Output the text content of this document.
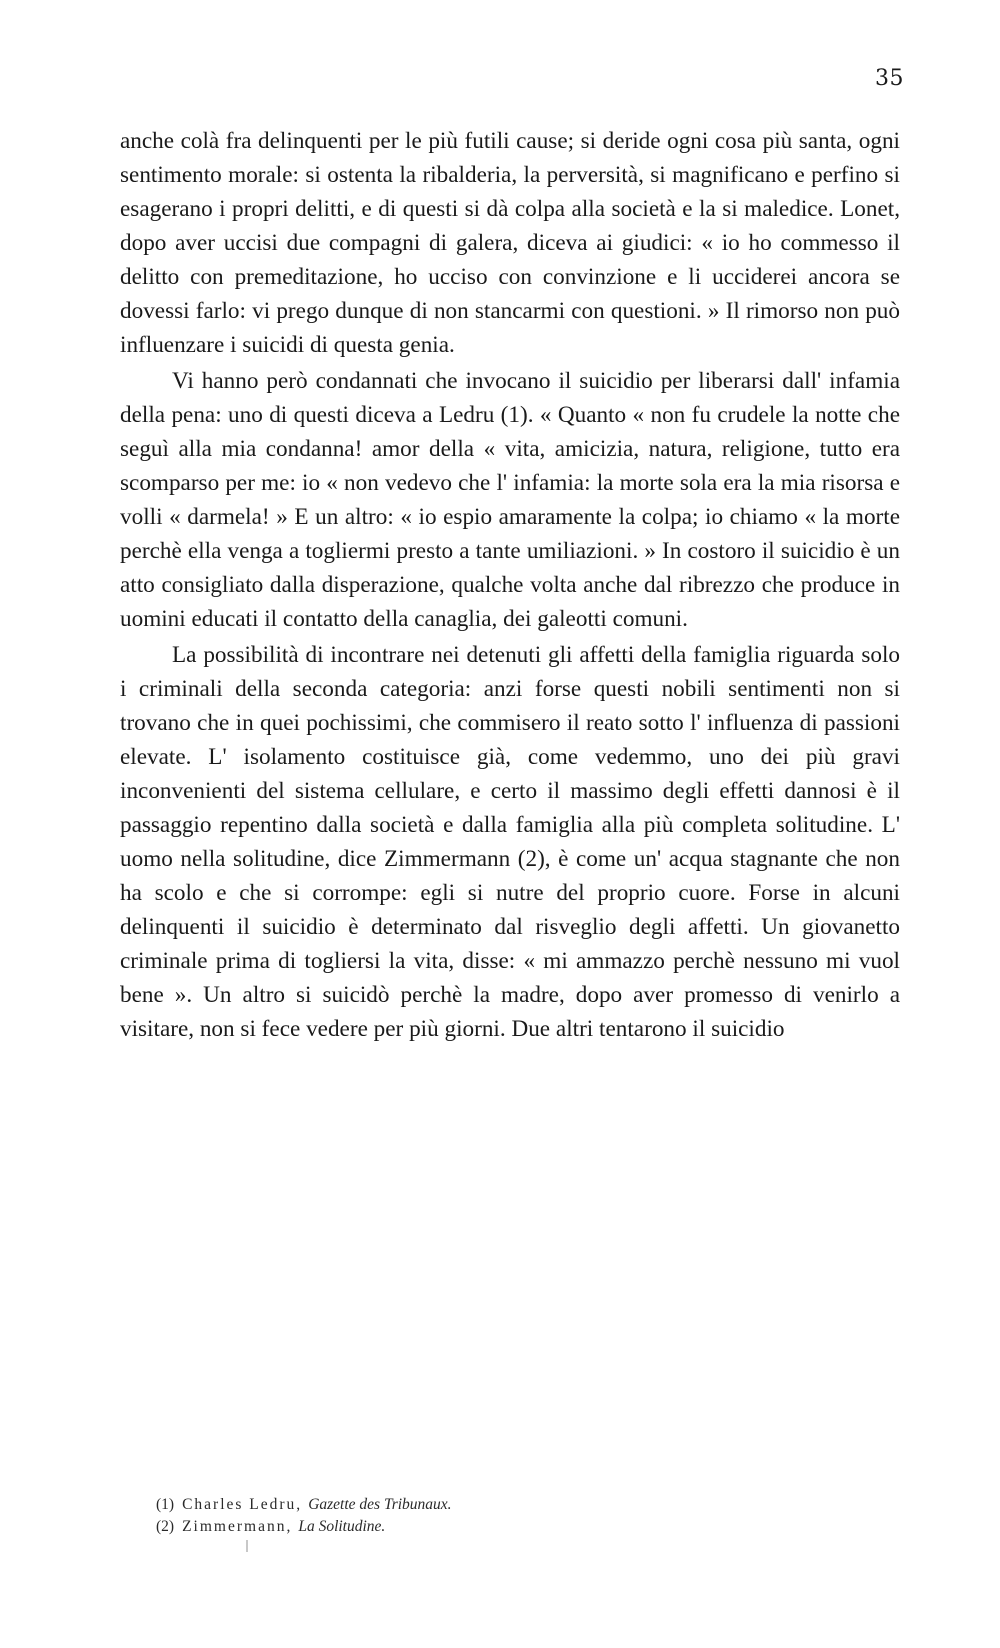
35

anche colà fra delinquenti per le più futili cause; si deride ogni cosa più santa, ogni sentimento morale: si ostenta la ribalderia, la perversità, si magnificano e perfino si esagerano i propri delitti, e di questi si dà colpa alla società e la si maledice. Lonet, dopo aver uccisi due compagni di galera, diceva ai giudici: « io ho commesso il delitto con premeditazione, ho ucciso con convinzione e li ucciderei ancora se dovessi farlo: vi prego dunque di non stancarmi con questioni. » Il rimorso non può influenzare i suicidi di questa genia.

Vi hanno però condannati che invocano il suicidio per liberarsi dall' infamia della pena: uno di questi diceva a Ledru (1). « Quanto « non fu crudele la notte che seguì alla mia condanna! amor della « vita, amicizia, natura, religione, tutto era scomparso per me: io « non vedevo che l' infamia: la morte sola era la mia risorsa e volli « darmela! » E un altro: « io espio amaramente la colpa; io chiamo « la morte perchè ella venga a togliermi presto a tante umiliazioni. » In costoro il suicidio è un atto consigliato dalla disperazione, qualche volta anche dal ribrezzo che produce in uomini educati il contatto della canaglia, dei galeotti comuni.

La possibilità di incontrare nei detenuti gli affetti della famiglia riguarda solo i criminali della seconda categoria: anzi forse questi nobili sentimenti non si trovano che in quei pochissimi, che commisero il reato sotto l' influenza di passioni elevate. L' isolamento costituisce già, come vedemmo, uno dei più gravi inconvenienti del sistema cellulare, e certo il massimo degli effetti dannosi è il passaggio repentino dalla società e dalla famiglia alla più completa solitudine. L' uomo nella solitudine, dice Zimmermann (2), è come un' acqua stagnante che non ha scolo e che si corrompe: egli si nutre del proprio cuore. Forse in alcuni delinquenti il suicidio è determinato dal risveglio degli affetti. Un giovanetto criminale prima di togliersi la vita, disse: « mi ammazzo perchè nessuno mi vuol bene ». Un altro si suicidò perchè la madre, dopo aver promesso di venirlo a visitare, non si fece vedere per più giorni. Due altri tentarono il suicidio

(1) Charles Ledru, Gazette des Tribunaux.

(2) Zimmermann, La Solitudine.
